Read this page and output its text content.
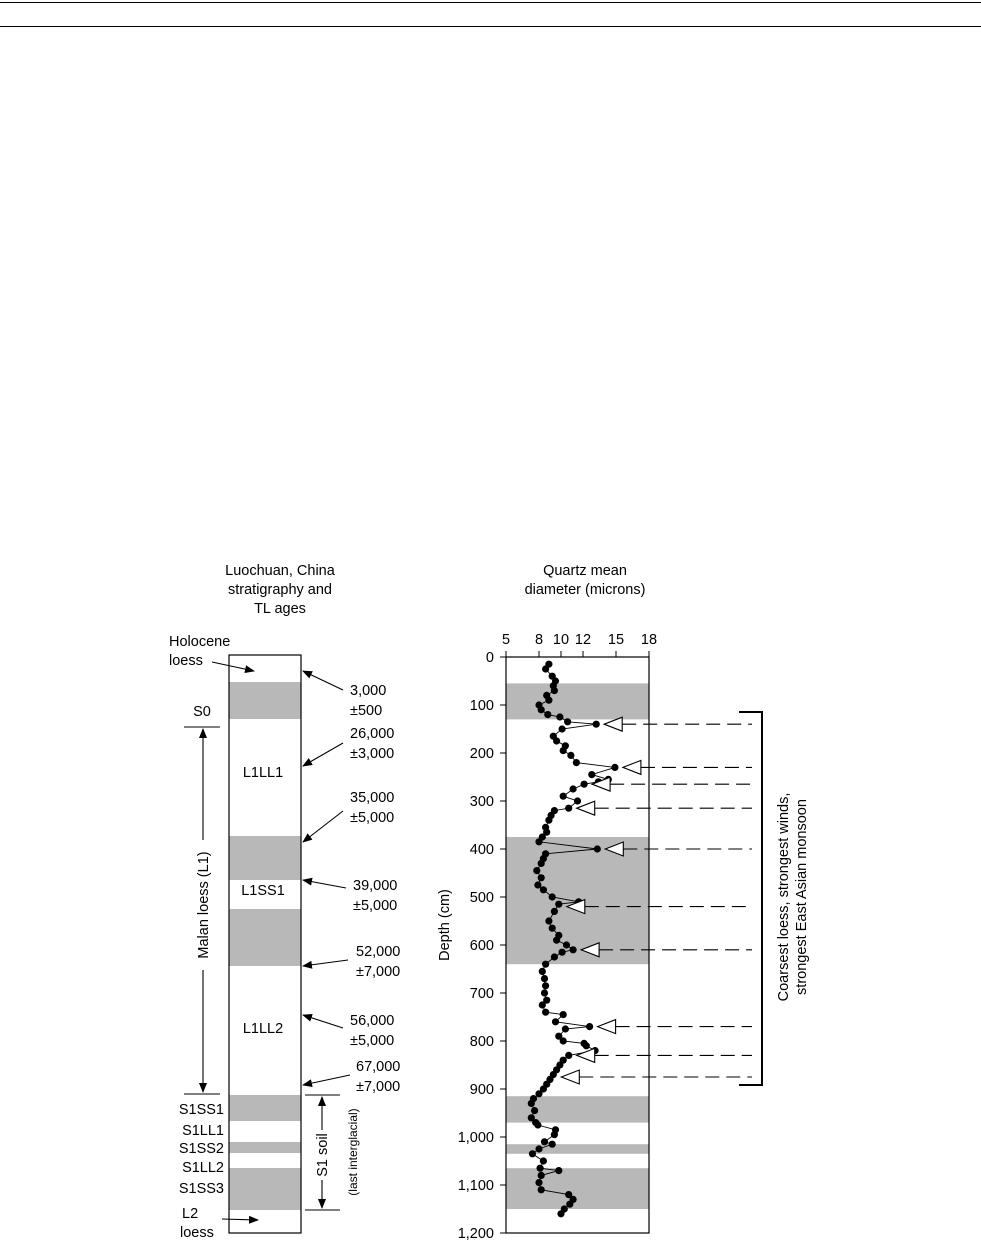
Luochuan, China
stratigraphy and
TL ages
L1LL1
L1SS1
L1LL2
S1SS1
S1LL1
S1SS2
S1LL2
S1SS3
Holocene
loess
L2
loess
S0
Malan loess (L1)
S1 soil (last interglacial)
3,000
±500
26,000
±3,000
35,000
±5,000
39,000
±5,000
52,000
±7,000
56,000
±5,000
67,000
±7,000
Quartz mean
diameter (microns)
5 8 10 12 15 18
0
100
200
300
400
500
600
700
800
900
1,000
1,100
1,200
Depth (cm)	Coarsest loess, strongest winds, strongest East Asian monsoon
